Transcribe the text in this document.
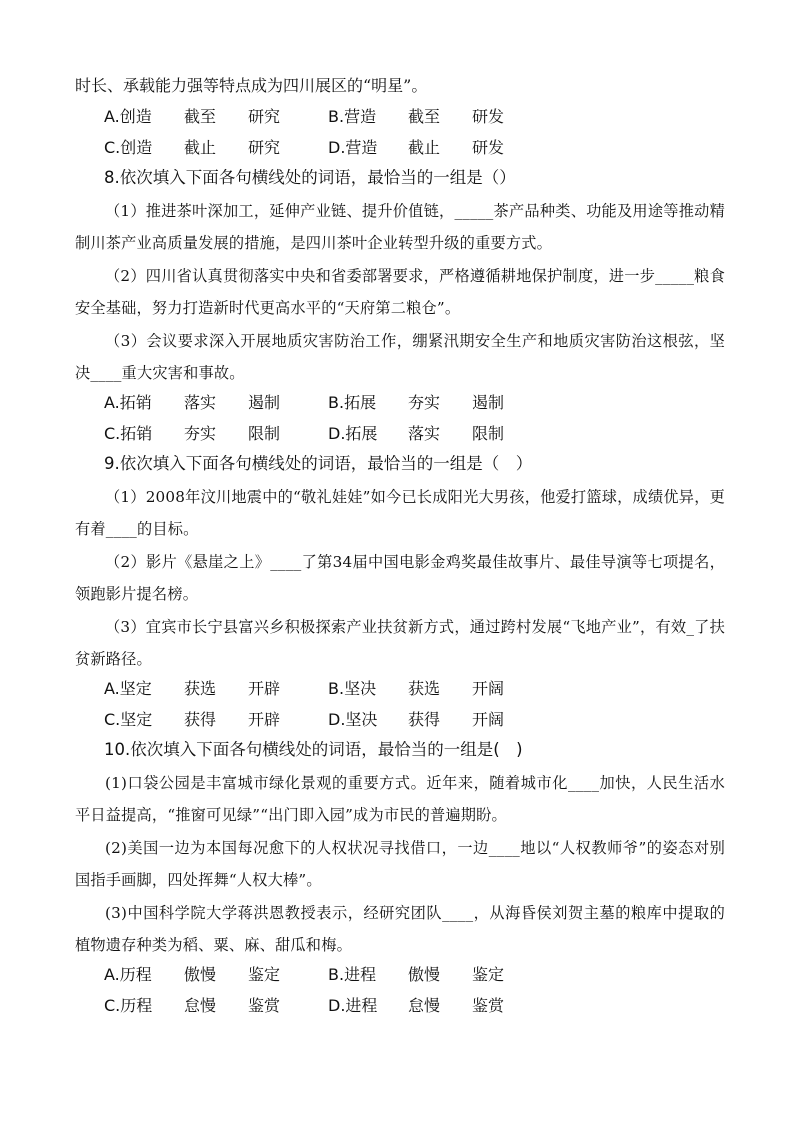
时长、承载能力强等特点成为四川展区的“明星”。
A.创造 截至 研究	B.营造 截至 研发
C.创造 截止 研究	D.营造 截止 研发
8.依次填入下面各句横线处的词语，最恰当的一组是（）
（1）推进茶叶深加工，延伸产业链、提升价值链，_____茶产品种类、功能及用途等推动精制川茶产业高质量发展的措施，是四川茶叶企业转型升级的重要方式。
（2）四川省认真贯彻落实中央和省委部署要求，严格遵循耕地保护制度，进一步_____粮食安全基础，努力打造新时代更高水平的“天府第二粮仓”。
（3）会议要求深入开展地质灾害防治工作，绷紧汛期安全生产和地质灾害防治这根弦，坚决____重大灾害和事故。
A.拓销 落实 遏制	B.拓展 夯实 遏制
C.拓销 夯实 限制	D.拓展 落实 限制
9.依次填入下面各句横线处的词语，最恰当的一组是（　）
（1）2008年汶川地震中的“敬礼娃娃”如今已长成阳光大男孩，他爱打篮球，成绩优异，更有着____的目标。
（2）影片《悬崖之上》____了第34届中国电影金鸡奖最佳故事片、最佳导演等七项提名，领跑影片提名榜。
（3）宜宾市长宁县富兴乡积极探索产业扶贫新方式，通过跨村发展“飞地产业”，有效_了扶贫新路径。
A.坚定 获选 开辟	B.坚决 获选 开阔
C.坚定 获得 开辟	D.坚决 获得 开阔
10.依次填入下面各句横线处的词语，最恰当的一组是(　)
(1)口袋公园是丰富城市绿化景观的重要方式。近年来，随着城市化____加快，人民生活水平日益提高，“推窗可见绿”“出门即入园”成为市民的普遍期盼。
(2)美国一边为本国每况愈下的人权状况寻找借口，一边____地以“人权教师爷”的姿态对别国指手画脚，四处挥舞“人权大棒”。
(3)中国科学院大学蒋洪恩教授表示，经研究团队____，从海昏侯刘贺主墓的粮库中提取的植物遗存种类为稻、粟、麻、甜瓜和梅。
A.历程 傲慢 鉴定	B.进程 傲慢 鉴定
C.历程 怠慢 鉴赏	D.进程 怠慢 鉴赏
